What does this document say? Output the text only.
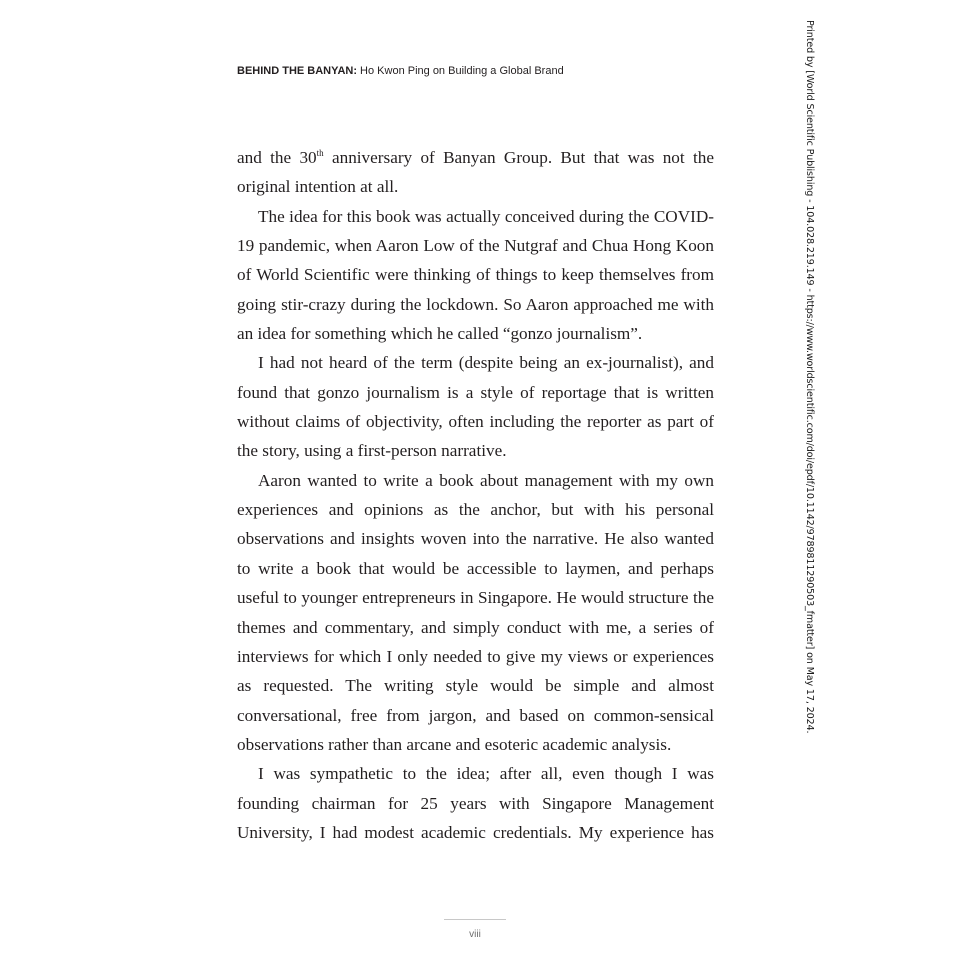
BEHIND THE BANYAN: Ho Kwon Ping on Building a Global Brand

and the 30th anniversary of Banyan Group. But that was not the original intention at all.

The idea for this book was actually conceived during the COVID-19 pandemic, when Aaron Low of the Nutgraf and Chua Hong Koon of World Scientific were thinking of things to keep themselves from going stir-crazy during the lockdown. So Aaron approached me with an idea for something which he called “gonzo journalism”.

I had not heard of the term (despite being an ex-journalist), and found that gonzo journalism is a style of reportage that is written without claims of objectivity, often including the reporter as part of the story, using a first-person narrative.

Aaron wanted to write a book about management with my own experiences and opinions as the anchor, but with his personal observations and insights woven into the narrative. He also wanted to write a book that would be accessible to laymen, and perhaps useful to younger entrepreneurs in Singapore. He would structure the themes and commentary, and simply conduct with me, a series of interviews for which I only needed to give my views or experiences as requested. The writing style would be simple and almost conversational, free from jargon, and based on common-sensical observations rather than arcane and esoteric academic analysis.

I was sympathetic to the idea; after all, even though I was founding chairman for 25 years with Singapore Management University, I had modest academic credentials. My experience has

Printed by [World Scientific Publishing - 104.028.219.149 - https://www.worldscientific.com/doi/epdf/10.1142/9789811290503_fmatter] on May 17, 2024.
viii
